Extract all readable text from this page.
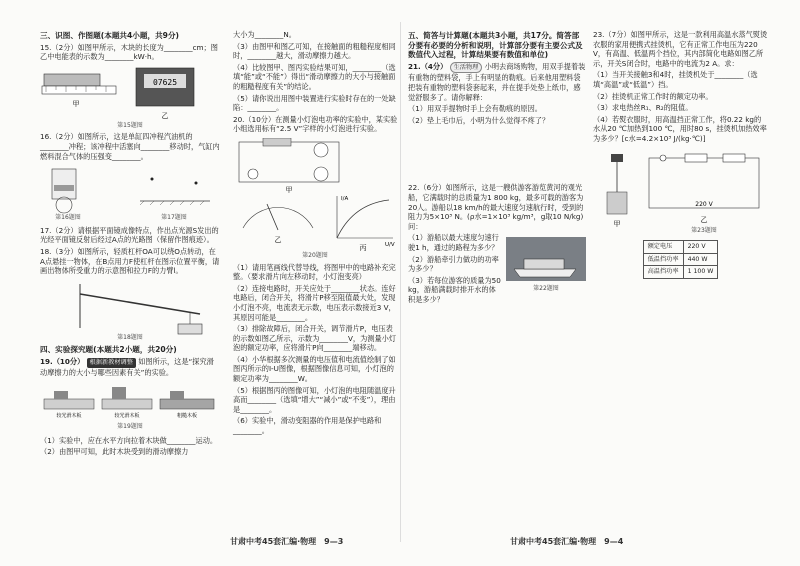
三、识图、作图题(本题共4小题，共9分)
15.（2分）如图甲所示，木块的长度为________cm；图乙中电能表的示数为________kW·h。
甲
07625
乙
第15题图
16.（2分）如图所示，这是单缸四冲程汽油机的________冲程；该冲程中活塞向________移动时，气缸内燃料混合气体的压强变________。
第16题图	第17题图
17.（2分）请根据平面镜成像特点，作出点光源S发出的光经平面镜反射后经过A点的光路图（保留作图痕迹）。
18.（3分）如图所示，轻质杠杆OA可以绕O点转动，在A点悬挂一物体，在B点用力F使杠杆在图示位置平衡，请画出物体所受重力的示意图和拉力F的力臂l。
第18题图
四、实验探究题(本题共2小题，共20分)
19.（10分） 根据新教材调整 如图所示，这是“探究滑动摩擦力的大小与哪些因素有关”的实验。
较光滑木板	较光滑木板	粗糙木板
第19题图
（1）实验中，应在水平方向拉着木块做________运动。
（2）由图甲可知，此时木块受到的滑动摩擦力
大小为________N。
（3）由图甲和图乙可知，在接触面的粗糙程度相同时，________越大，滑动摩擦力越大。
（4）比较图甲、图丙实验结果可知，________（选填“能”或“不能”）得出“滑动摩擦力的大小与接触面的粗糙程度有关”的结论。
（5）请你说出用图中装置进行实验时存在的一处缺陷：________。
20.（10分）在测量小灯泡电功率的实验中，某实验小组选用标有“2.5 V”字样的小灯泡进行实验。
甲
乙
I/A
U/V
丙
第20题图
（1）请用笔画线代替导线，将图甲中的电路补充完整。（要求滑片向左移动时，小灯泡变亮）
（2）连接电路时，开关应处于________状态。连好电路后，闭合开关，将滑片P移至阻值最大处，发现小灯泡不亮，电流表无示数，电压表示数接近3 V，其原因可能是________。
（3）排除故障后，闭合开关，调节滑片P，电压表的示数如图乙所示，示数为________V，为测量小灯泡的额定功率，应将滑片P向________端移动。
（4）小华根据多次测量的电压值和电流值绘制了如图丙所示的I-U图像，根据图像信息可知，小灯泡的额定功率为________W。
（5）根据图丙的图像可知，小灯泡的电阻随温度升高而________（选填“增大”“减小”或“不变”），理由是________。
（6）实验中，滑动变阻器的作用是保护电路和________。
五、简答与计算题(本题共3小题，共17分。简答部分要有必要的分析和说明，计算部分要有主要公式及数值代入过程，计算结果要有数值和单位)
21.（4分） 生活物理 小明去商场购物，用双手提着装有重物的塑料袋，手上有明显的勒痕。后来他用塑料袋把装有重物的塑料袋套起来，并在提手处垫上纸巾，感觉舒服多了。请你解释：
（1）用双手提物时手上会有勒痕的原因。
（2）垫上毛巾后，小明为什么觉得不疼了？
22.（6分）如图所示，这是一艘供游客游览黄河的观光船，它满载时的总质量为1 800 kg，最多可载的游客为20人。游船以18 km/h的最大速度匀速航行时，受到的阻力为5×10³ N。(ρ水=1×10³ kg/m³，g取10 N/kg)问：
（1）游船以最大速度匀速行驶1 h，通过的路程为多少？
（2）游船牵引力做功的功率为多少？
（3）若每位游客的质量为50 kg，游船满载时排开水的体积是多少？
第22题图
23.（7分）如图甲所示，这是一款利用高温水蒸气熨烫衣服的家用便携式挂烫机，它有正常工作电压为220 V，有高温、低温两个挡位，其内部简化电路如图乙所示，开关S闭合时，电路中的电流为2 A。求：
（1）当开关接触3和4时，挂烫机处于________（选填“高温”或“低温”）挡。
（2）挂烫机正常工作时的额定功率。
（3）求电热丝R₁、R₂的阻值。
（4）若熨衣服时，用高温挡正常工作，将0.22 kg的水从20 ℃加热到100 ℃，用时80 s，挂烫机加热效率为多少？[c水=4.2×10³ J/(kg·℃)]
甲
220 V
乙
第23题图
额定电压	220 V
低温挡功率	440 W
高温挡功率	1 100 W
甘肃中考45套汇编·物理　9—3	甘肃中考45套汇编·物理　9—4
